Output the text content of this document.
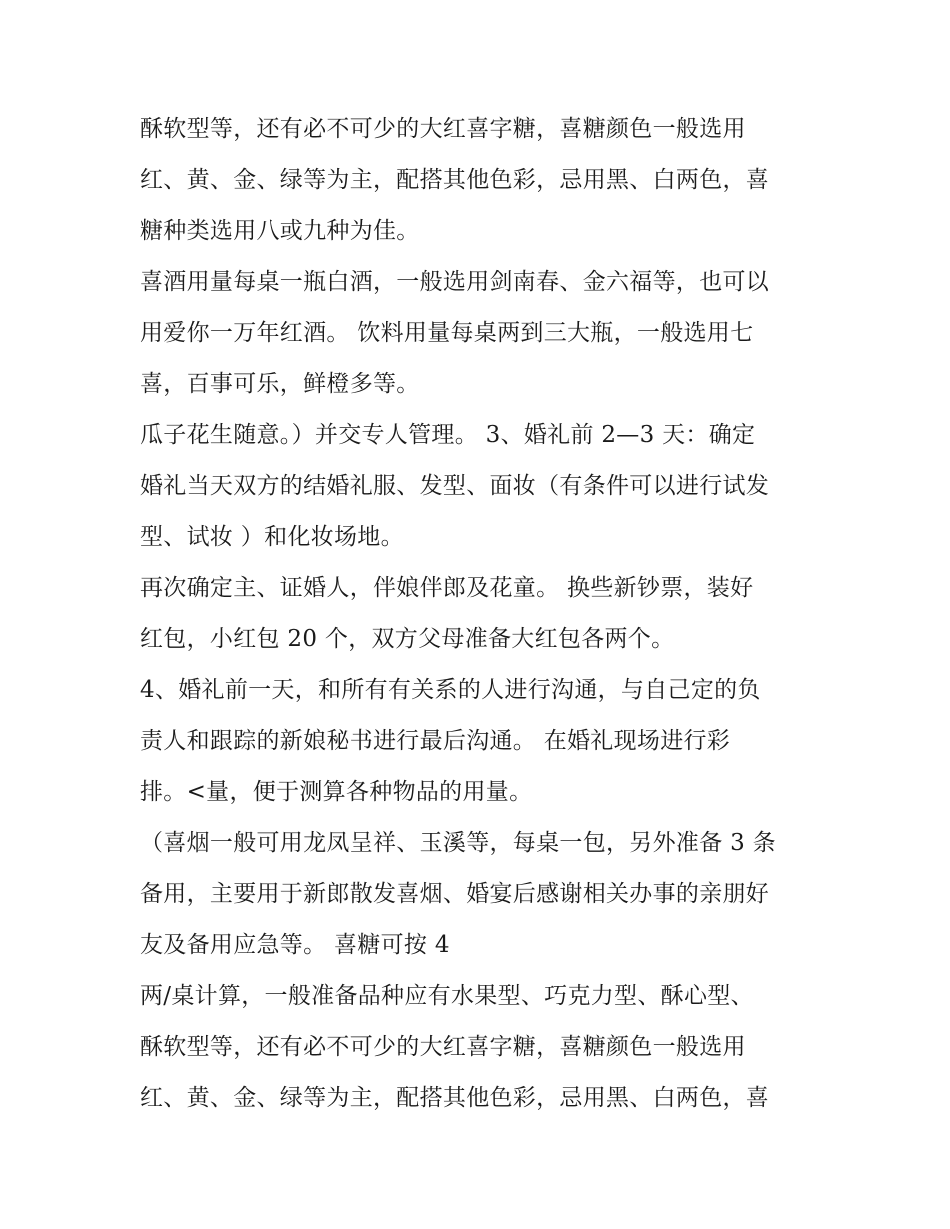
酥软型等，还有必不可少的大红喜字糖，喜糖颜色一般选用
红、黄、金、绿等为主，配搭其他色彩，忌用黑、白两色，喜
糖种类选用八或九种为佳。
喜酒用量每桌一瓶白酒，一般选用剑南春、金六福等，也可以
用爱你一万年红酒。 饮料用量每桌两到三大瓶，一般选用七
喜，百事可乐，鲜橙多等。
瓜子花生随意。）并交专人管理。 3、婚礼前 2—3 天：确定
婚礼当天双方的结婚礼服、发型、面妆（有条件可以进行试发
型、试妆 ）和化妆场地。
再次确定主、证婚人，伴娘伴郎及花童。 换些新钞票，装好
红包，小红包 20 个，双方父母准备大红包各两个。
4、婚礼前一天，和所有有关系的人进行沟通，与自己定的负
责人和跟踪的新娘秘书进行最后沟通。 在婚礼现场进行彩
排。<量，便于测算各种物品的用量。
（喜烟一般可用龙凤呈祥、玉溪等，每桌一包，另外准备 3 条
备用，主要用于新郎散发喜烟、婚宴后感谢相关办事的亲朋好
友及备用应急等。 喜糖可按 4
两/桌计算，一般准备品种应有水果型、巧克力型、酥心型、
酥软型等，还有必不可少的大红喜字糖，喜糖颜色一般选用
红、黄、金、绿等为主，配搭其他色彩，忌用黑、白两色，喜
